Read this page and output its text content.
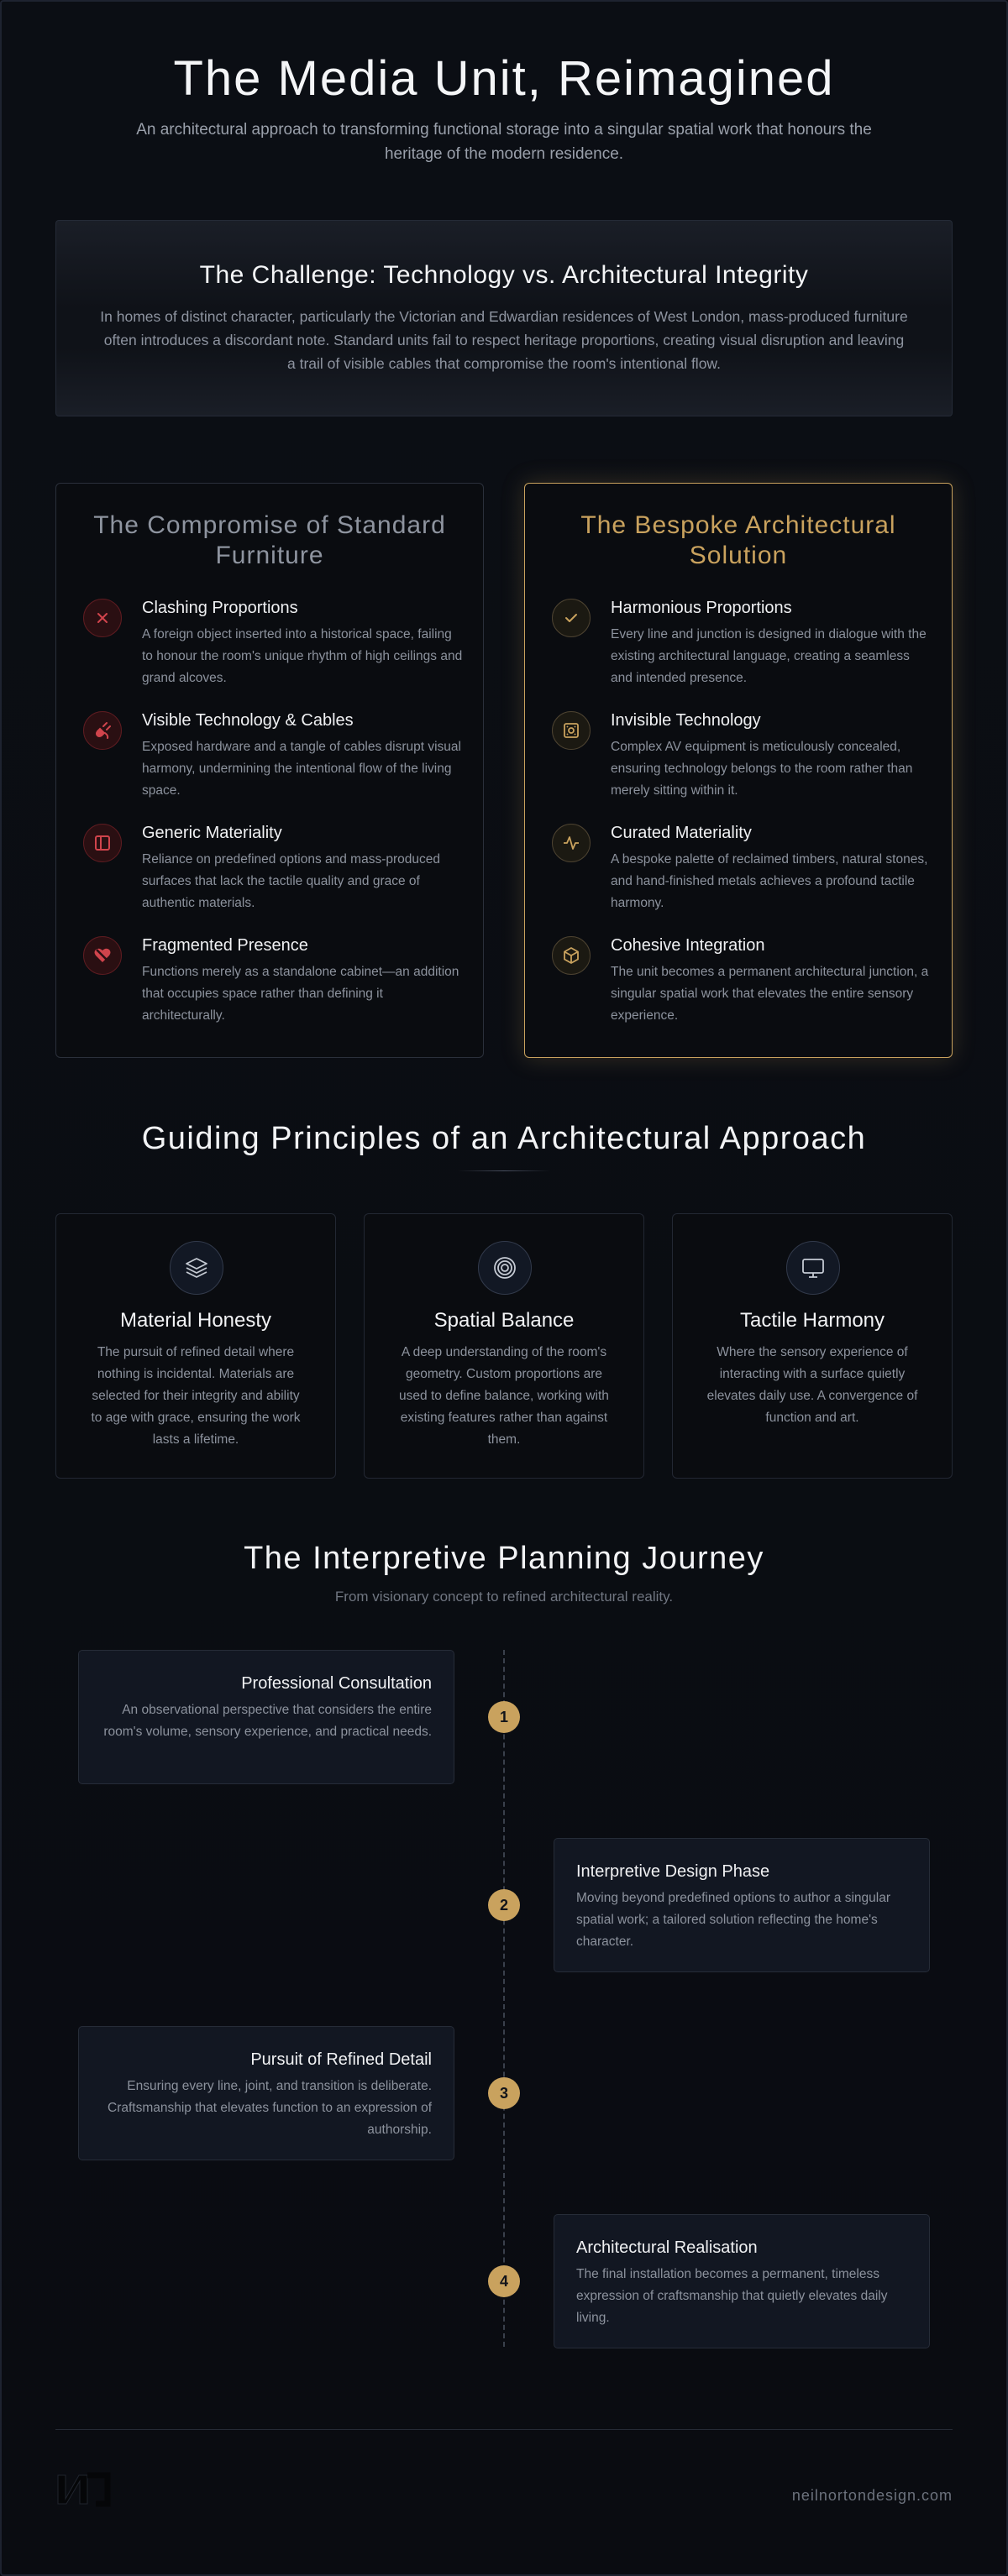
The Media Unit, Reimagined

An architectural approach to transforming functional storage into a singular spatial work that honours the heritage of the modern residence.

The Challenge: Technology vs. Architectural Integrity

In homes of distinct character, particularly the Victorian and Edwardian residences of West London, mass-produced furniture often introduces a discordant note. Standard units fail to respect heritage proportions, creating visual disruption and leaving a trail of visible cables that compromise the room's intentional flow.

The Compromise of Standard Furniture
Clashing Proportions

A foreign object inserted into a historical space, failing to honour the room's unique rhythm of high ceilings and grand alcoves.

Visible Technology & Cables

Exposed hardware and a tangle of cables disrupt visual harmony, undermining the intentional flow of the living space.

Generic Materiality

Reliance on predefined options and mass-produced surfaces that lack the tactile quality and grace of authentic materials.

Fragmented Presence

Functions merely as a standalone cabinet—an addition that occupies space rather than defining it architecturally.

The Bespoke Architectural Solution
Harmonious Proportions

Every line and junction is designed in dialogue with the existing architectural language, creating a seamless and intended presence.

Invisible Technology

Complex AV equipment is meticulously concealed, ensuring technology belongs to the room rather than merely sitting within it.

Curated Materiality

A bespoke palette of reclaimed timbers, natural stones, and hand-finished metals achieves a profound tactile harmony.

Cohesive Integration

The unit becomes a permanent architectural junction, a singular spatial work that elevates the entire sensory experience.

Guiding Principles of an Architectural Approach
Material Honesty

The pursuit of refined detail where nothing is incidental. Materials are selected for their integrity and ability to age with grace, ensuring the work lasts a lifetime.

Spatial Balance

A deep understanding of the room's geometry. Custom proportions are used to define balance, working with existing features rather than against them.

Tactile Harmony

Where the sensory experience of interacting with a surface quietly elevates daily use. A convergence of function and art.

The Interpretive Planning Journey

From visionary concept to refined architectural reality.

Professional Consultation

An observational perspective that considers the entire room's volume, sensory experience, and practical needs.

1
Interpretive Design Phase

Moving beyond predefined options to author a singular spatial work; a tailored solution reflecting the home's character.

2
Pursuit of Refined Detail

Ensuring every line, joint, and transition is deliberate. Craftsmanship that elevates function to an expression of authorship.

3
Architectural Realisation

The final installation becomes a permanent, timeless expression of craftsmanship that quietly elevates daily living.

4
neilnortondesign.com
